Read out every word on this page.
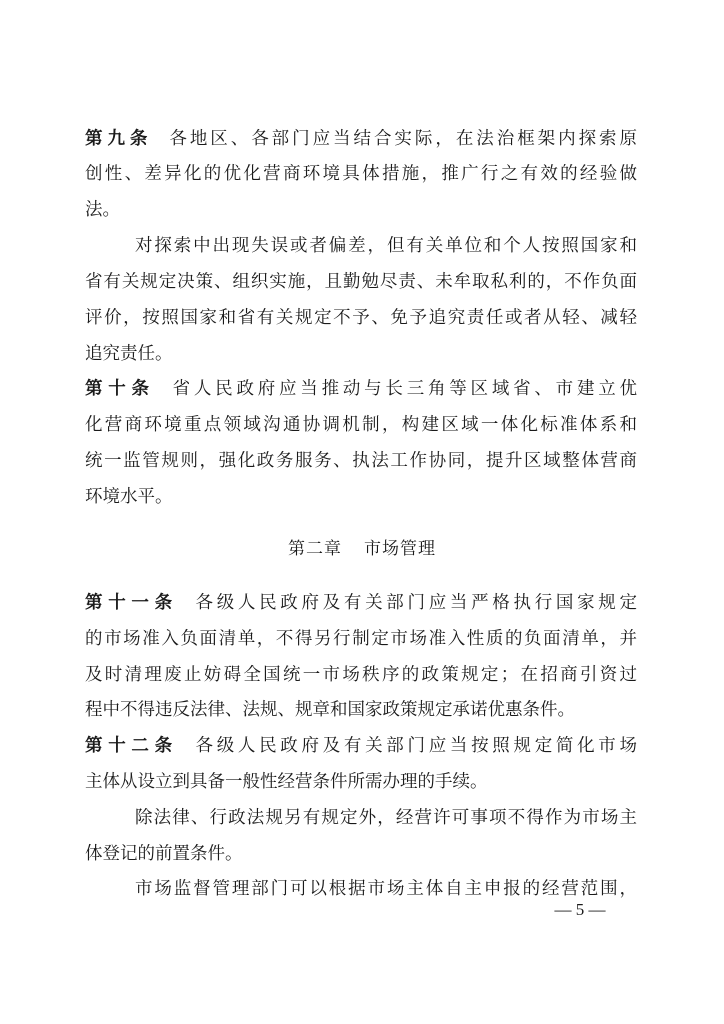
第九条 各地区、各部门应当结合实际，在法治框架内探索原
创性、差异化的优化营商环境具体措施，推广行之有效的经验做
法。
对探索中出现失误或者偏差，但有关单位和个人按照国家和
省有关规定决策、组织实施，且勤勉尽责、未牟取私利的，不作负面
评价，按照国家和省有关规定不予、免予追究责任或者从轻、减轻
追究责任。
第十条 省人民政府应当推动与长三角等区域省、市建立优
化营商环境重点领域沟通协调机制，构建区域一体化标准体系和
统一监管规则，强化政务服务、执法工作协同，提升区域整体营商
环境水平。
第二章 市场管理
第十一条 各级人民政府及有关部门应当严格执行国家规定
的市场准入负面清单，不得另行制定市场准入性质的负面清单，并
及时清理废止妨碍全国统一市场秩序的政策规定；在招商引资过
程中不得违反法律、法规、规章和国家政策规定承诺优惠条件。
第十二条 各级人民政府及有关部门应当按照规定简化市场
主体从设立到具备一般性经营条件所需办理的手续。
除法律、行政法规另有规定外，经营许可事项不得作为市场主
体登记的前置条件。
市场监督管理部门可以根据市场主体自主申报的经营范围，
— 5 —
